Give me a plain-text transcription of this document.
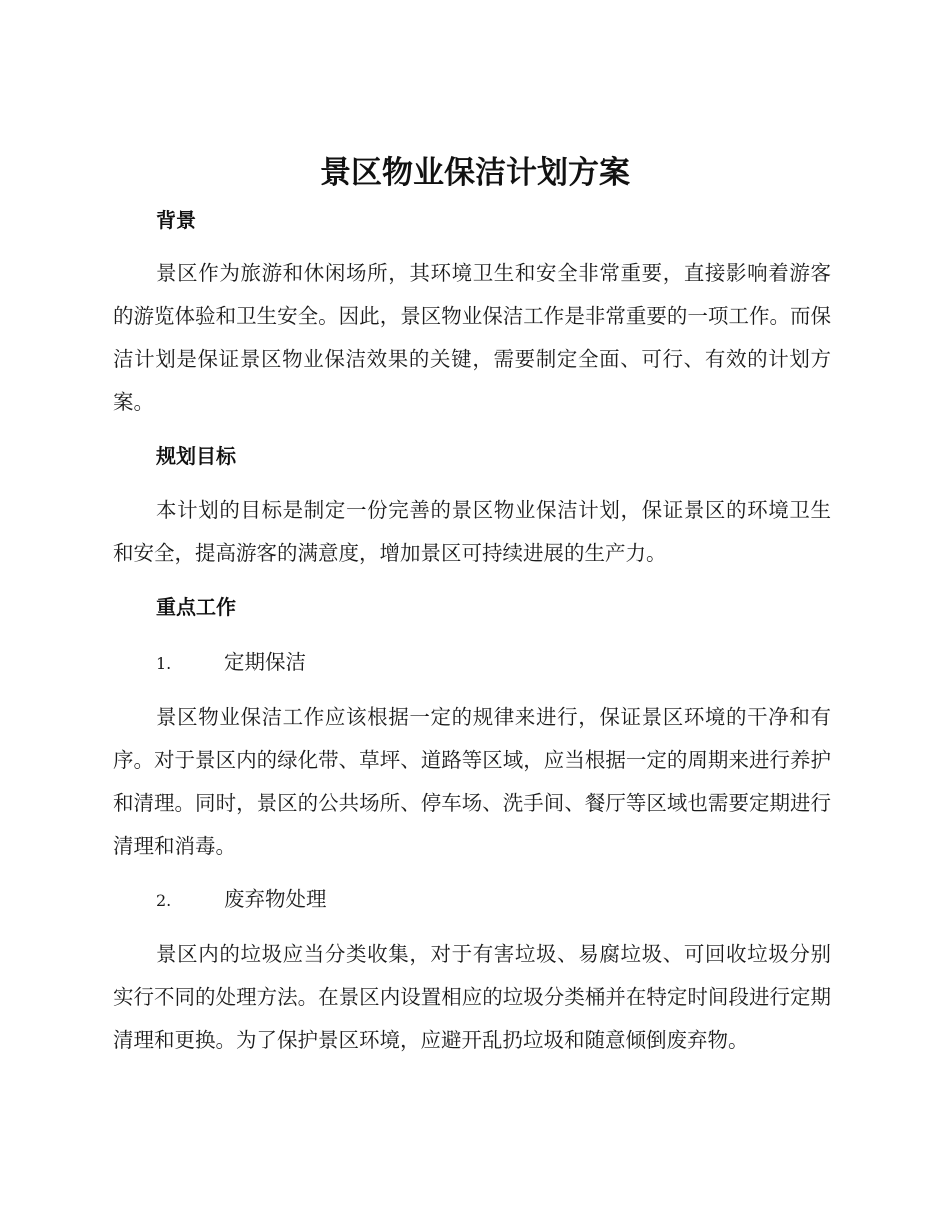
景区物业保洁计划方案
背景
景区作为旅游和休闲场所，其环境卫生和安全非常重要，直接影响着游客的游览体验和卫生安全。因此，景区物业保洁工作是非常重要的一项工作。而保洁计划是保证景区物业保洁效果的关键，需要制定全面、可行、有效的计划方案。
规划目标
本计划的目标是制定一份完善的景区物业保洁计划，保证景区的环境卫生和安全，提高游客的满意度，增加景区可持续进展的生产力。
重点工作
1.	定期保洁
景区物业保洁工作应该根据一定的规律来进行，保证景区环境的干净和有序。对于景区内的绿化带、草坪、道路等区域，应当根据一定的周期来进行养护和清理。同时，景区的公共场所、停车场、洗手间、餐厅等区域也需要定期进行清理和消毒。
2.	废弃物处理
景区内的垃圾应当分类收集，对于有害垃圾、易腐垃圾、可回收垃圾分别实行不同的处理方法。在景区内设置相应的垃圾分类桶并在特定时间段进行定期清理和更换。为了保护景区环境，应避开乱扔垃圾和随意倾倒废弃物。
